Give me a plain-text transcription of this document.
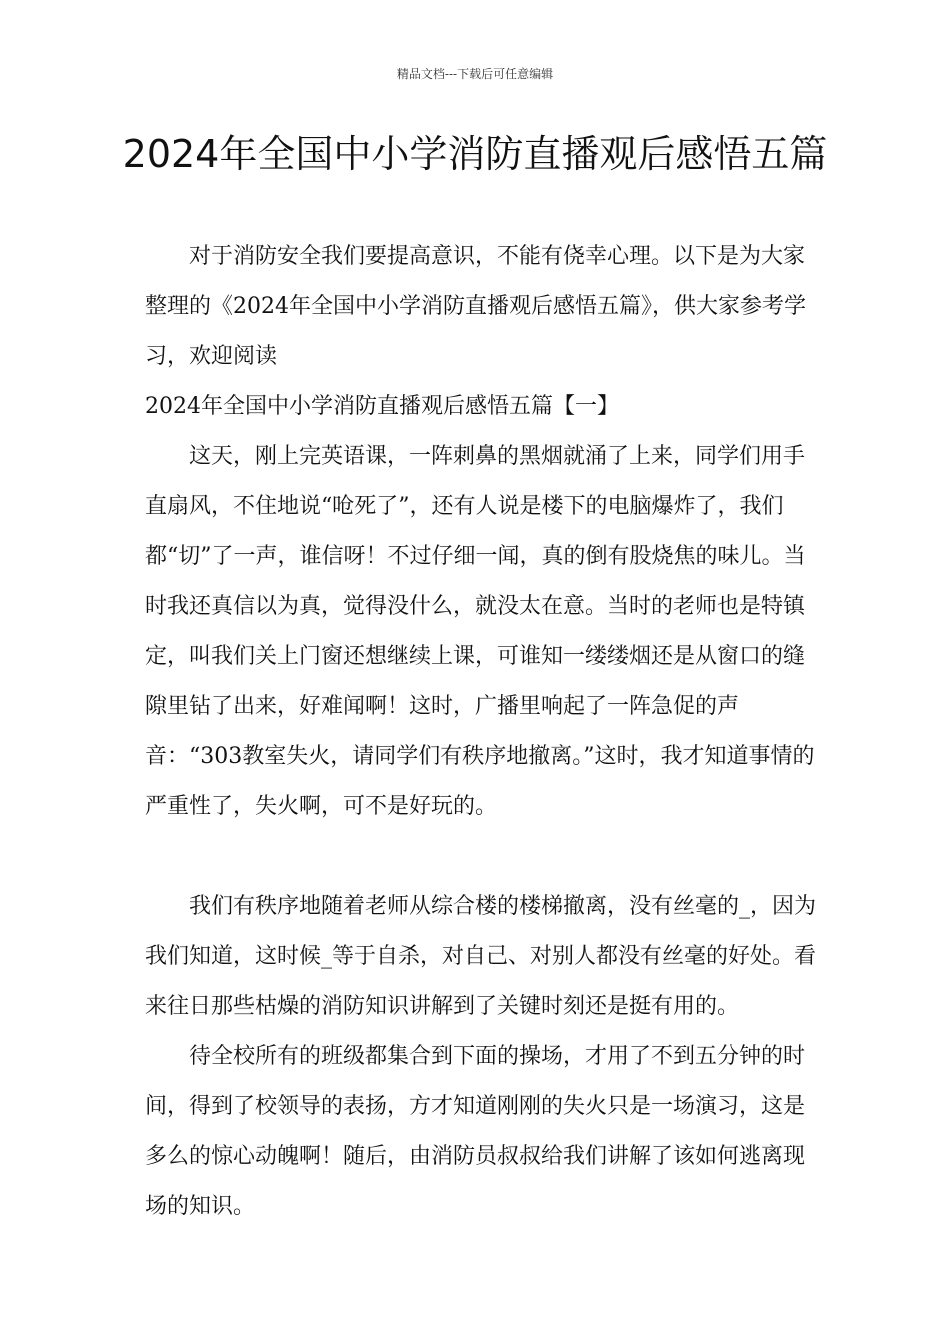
精品文档---下载后可任意编辑
2024年全国中小学消防直播观后感悟五篇

对于消防安全我们要提高意识，不能有侥幸心理。以下是为大家整理的《2024年全国中小学消防直播观后感悟五篇》，供大家参考学习，欢迎阅读

2024年全国中小学消防直播观后感悟五篇【一】

这天，刚上完英语课，一阵刺鼻的黑烟就涌了上来，同学们用手直扇风，不住地说“呛死了”，还有人说是楼下的电脑爆炸了，我们都“切”了一声，谁信呀！不过仔细一闻，真的倒有股烧焦的味儿。当时我还真信以为真，觉得没什么，就没太在意。当时的老师也是特镇定，叫我们关上门窗还想继续上课，可谁知一缕缕烟还是从窗口的缝隙里钻了出来，好难闻啊！这时，广播里响起了一阵急促的声音：“303教室失火，请同学们有秩序地撤离。”这时，我才知道事情的严重性了，失火啊，可不是好玩的。

我们有秩序地随着老师从综合楼的楼梯撤离，没有丝毫的_，因为我们知道，这时候_等于自杀，对自己、对别人都没有丝毫的好处。看来往日那些枯燥的消防知识讲解到了关键时刻还是挺有用的。

待全校所有的班级都集合到下面的操场，才用了不到五分钟的时间，得到了校领导的表扬，方才知道刚刚的失火只是一场演习，这是多么的惊心动魄啊！随后，由消防员叔叔给我们讲解了该如何逃离现场的知识。
